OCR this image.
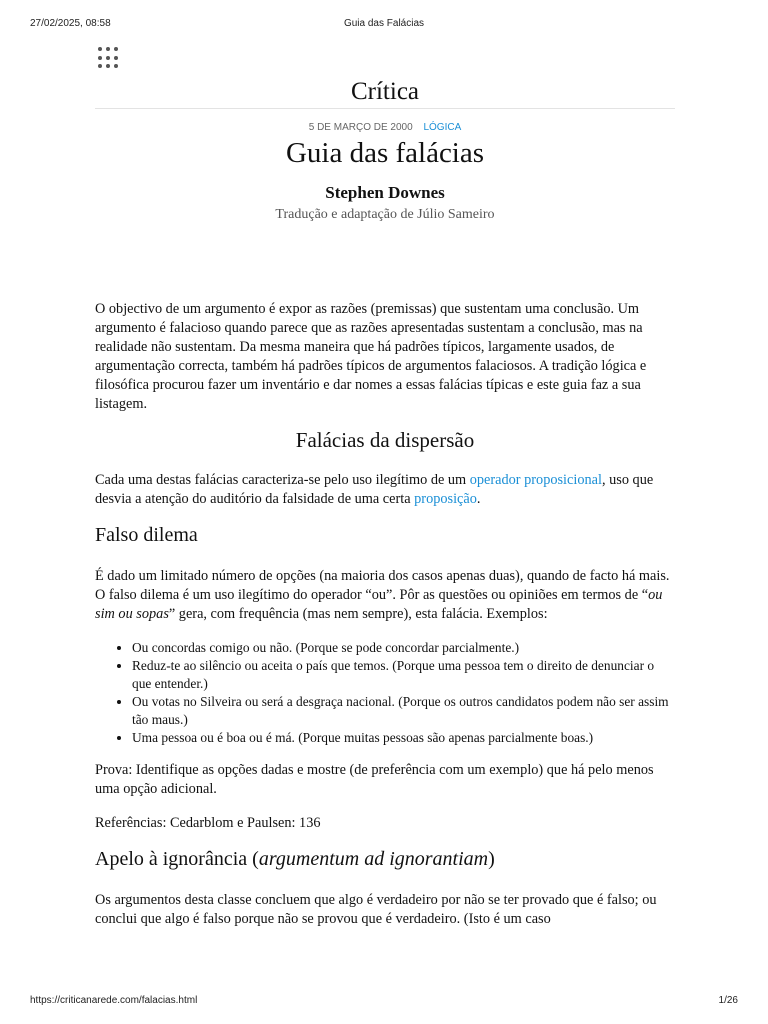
27/02/2025, 08:58	Guia das Falácias
Crítica
5 DE MARÇO DE 2000 LÓGICA
Guia das falácias
Stephen Downes
Tradução e adaptação de Júlio Sameiro

O objectivo de um argumento é expor as razões (premissas) que sustentam uma conclusão. Um argumento é falacioso quando parece que as razões apresentadas sustentam a conclusão, mas na realidade não sustentam. Da mesma maneira que há padrões típicos, largamente usados, de argumentação correcta, também há padrões típicos de argumentos falaciosos. A tradição lógica e filosófica procurou fazer um inventário e dar nomes a essas falácias típicas e este guia faz a sua listagem.

Falácias da dispersão

Cada uma destas falácias caracteriza-se pelo uso ilegítimo de um operador proposicional, uso que desvia a atenção do auditório da falsidade de uma certa proposição.

Falso dilema

É dado um limitado número de opções (na maioria dos casos apenas duas), quando de facto há mais. O falso dilema é um uso ilegítimo do operador “ou”. Pôr as questões ou opiniões em termos de “ou sim ou sopas” gera, com frequência (mas nem sempre), esta falácia. Exemplos:

• Ou concordas comigo ou não. (Porque se pode concordar parcialmente.)
• Reduz-te ao silêncio ou aceita o país que temos. (Porque uma pessoa tem o direito de denunciar o que entender.)
• Ou votas no Silveira ou será a desgraça nacional. (Porque os outros candidatos podem não ser assim tão maus.)
• Uma pessoa ou é boa ou é má. (Porque muitas pessoas são apenas parcialmente boas.)

Prova: Identifique as opções dadas e mostre (de preferência com um exemplo) que há pelo menos uma opção adicional.

Referências: Cedarblom e Paulsen: 136

Apelo à ignorância (argumentum ad ignorantiam)

Os argumentos desta classe concluem que algo é verdadeiro por não se ter provado que é falso; ou conclui que algo é falso porque não se provou que é verdadeiro. (Isto é um caso

https://criticanarede.com/falacias.html	1/26
